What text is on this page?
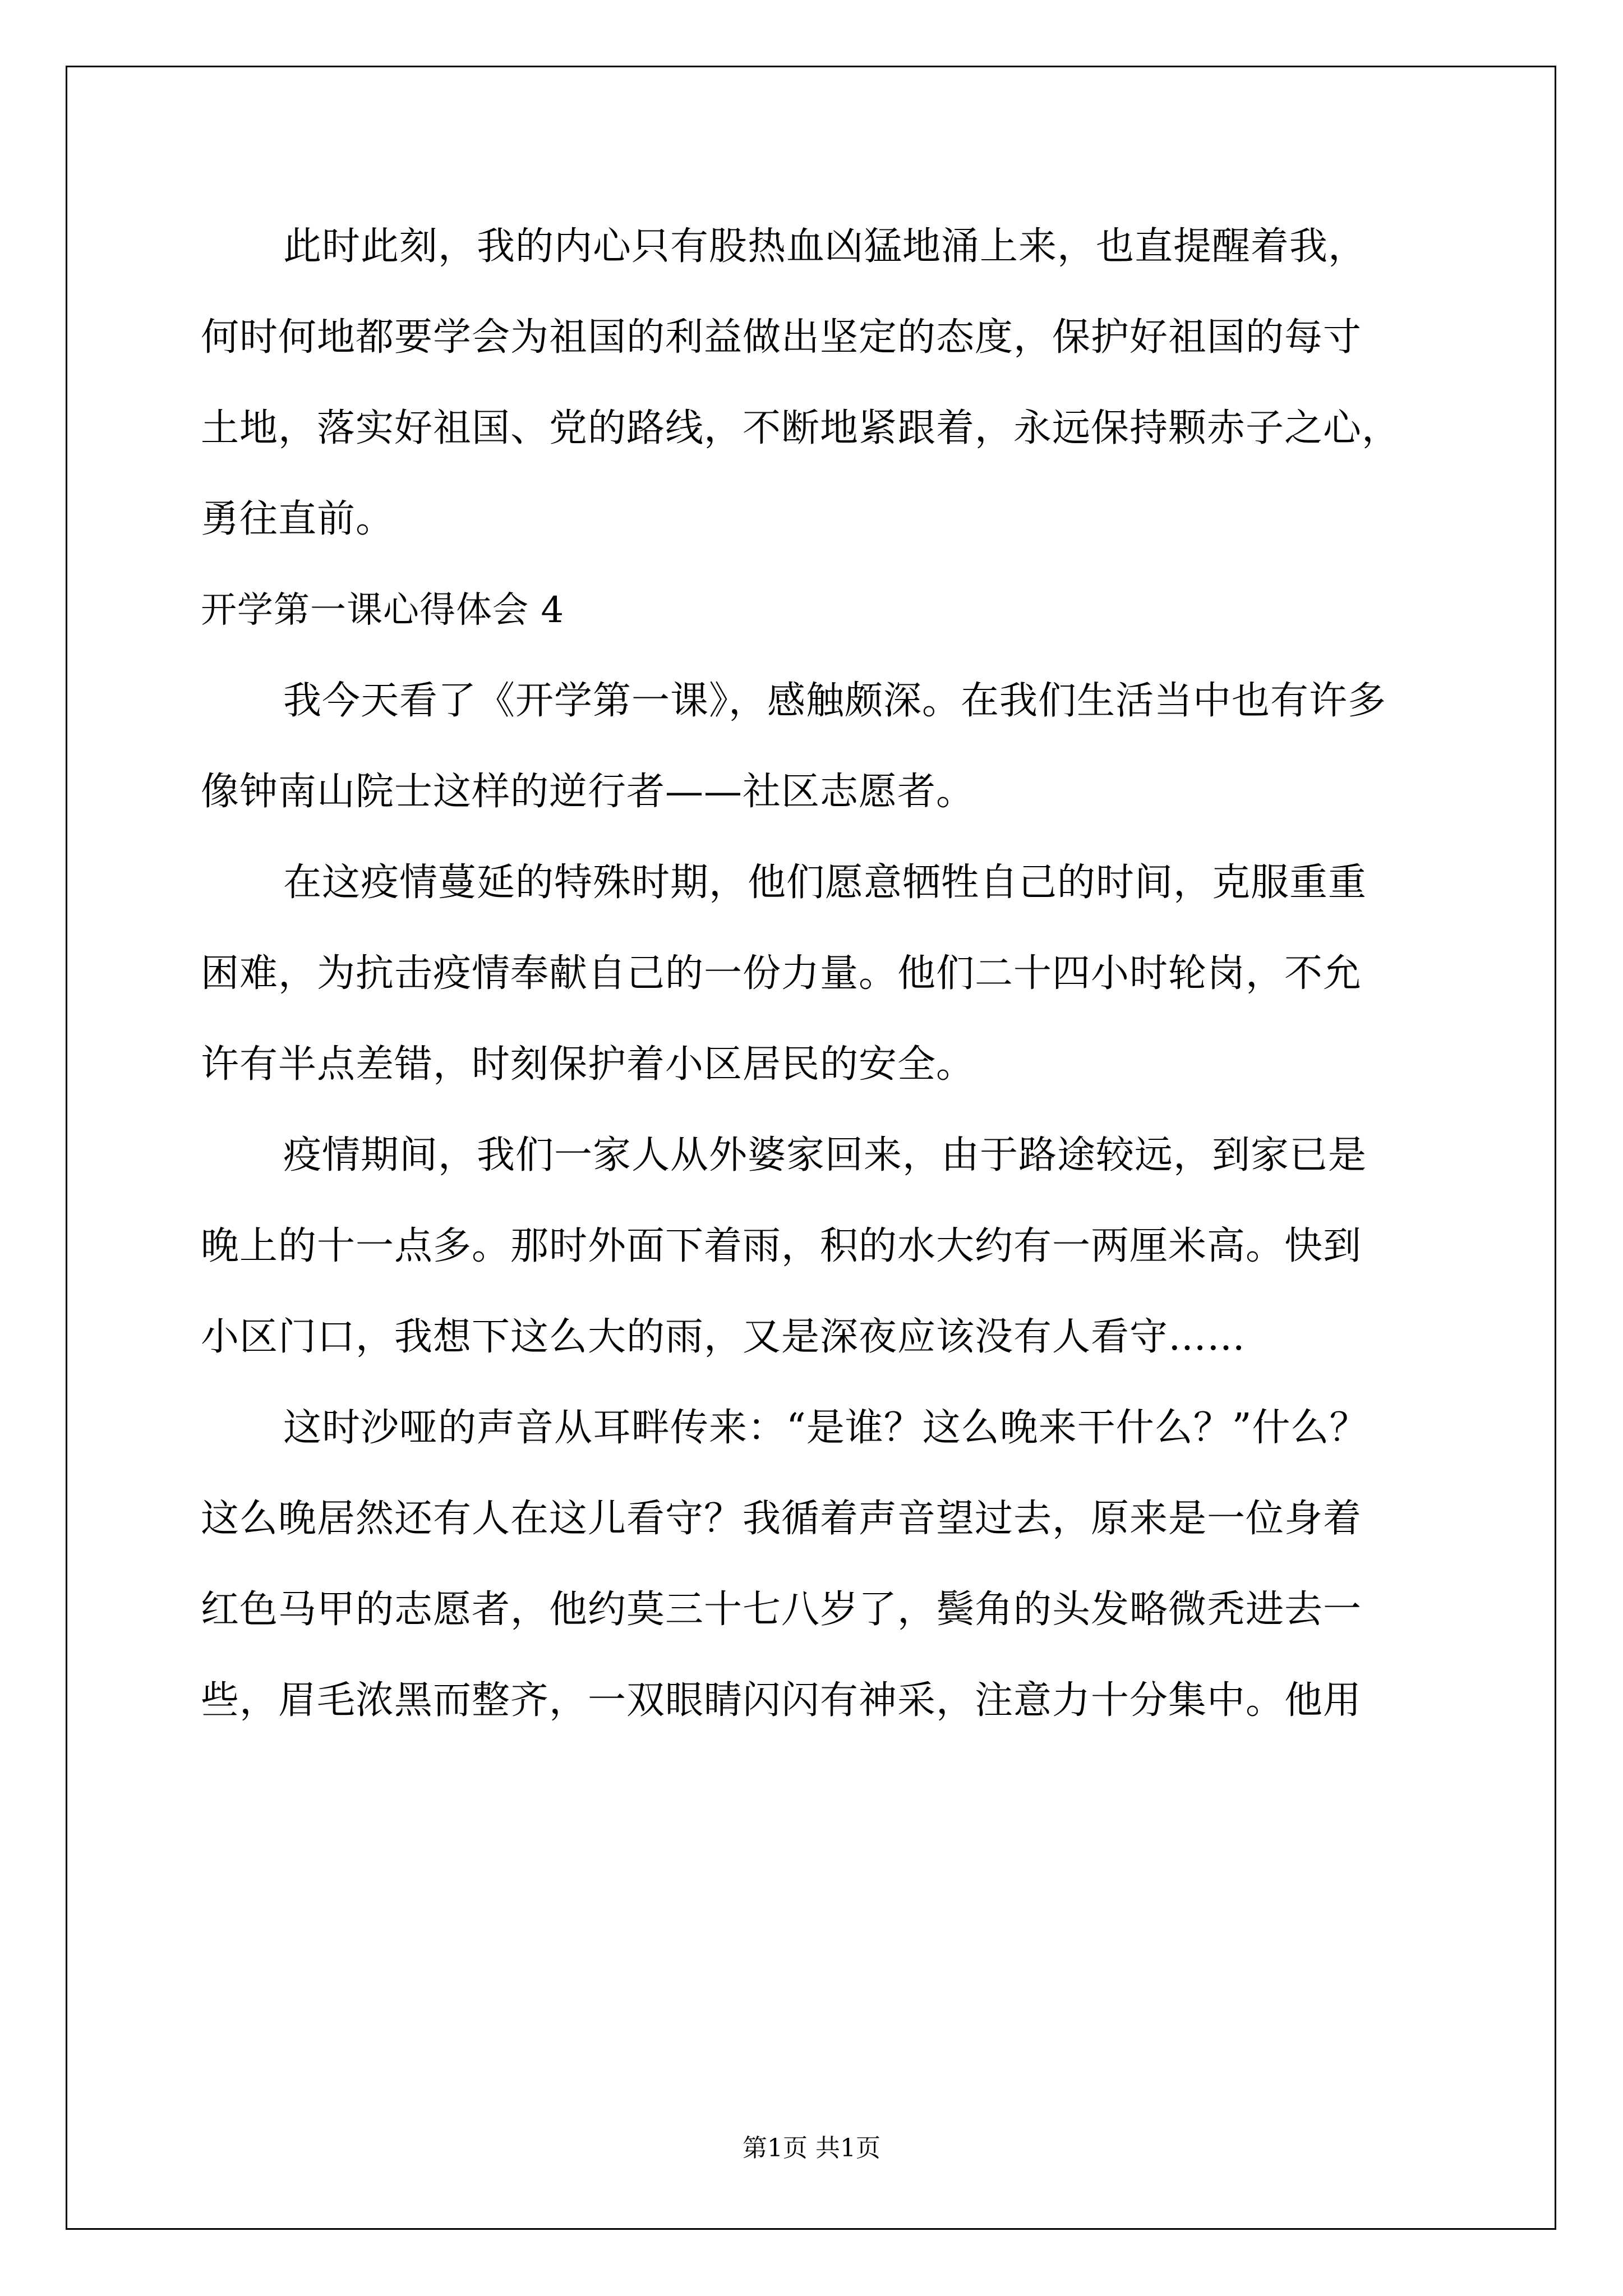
此时此刻，我的内心只有股热血凶猛地涌上来，也直提醒着我，
何时何地都要学会为祖国的利益做出坚定的态度，保护好祖国的每寸
土地，落实好祖国、党的路线，不断地紧跟着，永远保持颗赤子之心，
勇往直前。
开学第一课心得体会 4
我今天看了《开学第一课》，感触颇深。在我们生活当中也有许多
像钟南山院士这样的逆行者——社区志愿者。
在这疫情蔓延的特殊时期，他们愿意牺牲自己的时间，克服重重
困难，为抗击疫情奉献自己的一份力量。他们二十四小时轮岗，不允
许有半点差错，时刻保护着小区居民的安全。
疫情期间，我们一家人从外婆家回来，由于路途较远，到家已是
晚上的十一点多。那时外面下着雨，积的水大约有一两厘米高。快到
小区门口，我想下这么大的雨，又是深夜应该没有人看守……
这时沙哑的声音从耳畔传来：“是谁？这么晚来干什么？”什么？
这么晚居然还有人在这儿看守？我循着声音望过去，原来是一位身着
红色马甲的志愿者，他约莫三十七八岁了，鬓角的头发略微秃进去一
些，眉毛浓黑而整齐，一双眼睛闪闪有神采，注意力十分集中。他用
第1页 共1页
